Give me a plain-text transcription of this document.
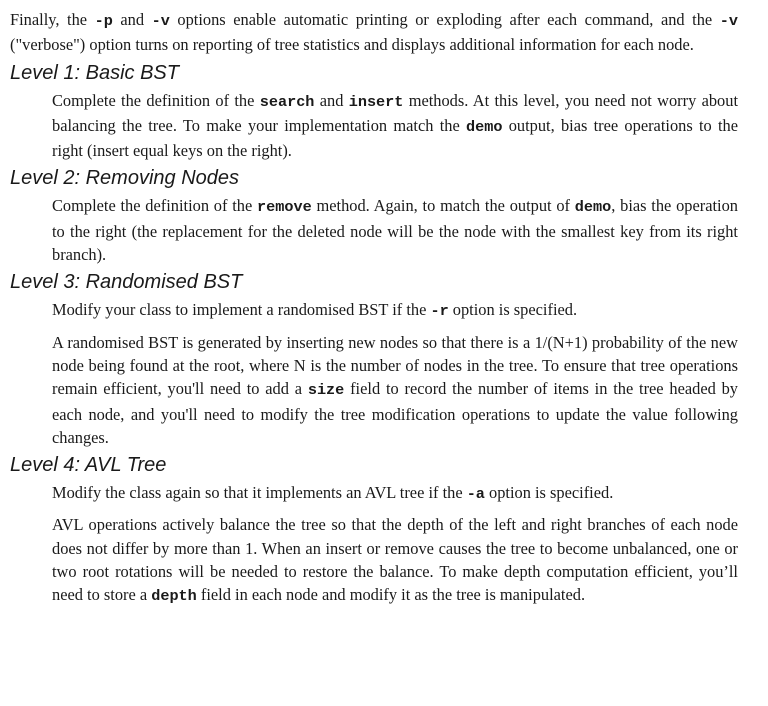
Finally, the -p and -v options enable automatic printing or exploding after each command, and the -v ("verbose") option turns on reporting of tree statistics and displays additional information for each node.

Level 1: Basic BST

Complete the definition of the search and insert methods. At this level, you need not worry about balancing the tree. To make your implementation match the demo output, bias tree operations to the right (insert equal keys on the right).

Level 2: Removing Nodes

Complete the definition of the remove method. Again, to match the output of demo, bias the operation to the right (the replacement for the deleted node will be the node with the smallest key from its right branch).

Level 3: Randomised BST

Modify your class to implement a randomised BST if the -r option is specified.

A randomised BST is generated by inserting new nodes so that there is a 1/(N+1) probability of the new node being found at the root, where N is the number of nodes in the tree. To ensure that tree operations remain efficient, you'll need to add a size field to record the number of items in the tree headed by each node, and you'll need to modify the tree modification operations to update the value following changes.

Level 4: AVL Tree

Modify the class again so that it implements an AVL tree if the -a option is specified.

AVL operations actively balance the tree so that the depth of the left and right branches of each node does not differ by more than 1. When an insert or remove causes the tree to become unbalanced, one or two root rotations will be needed to restore the balance. To make depth computation efficient, you’ll need to store a depth field in each node and modify it as the tree is manipulated.
